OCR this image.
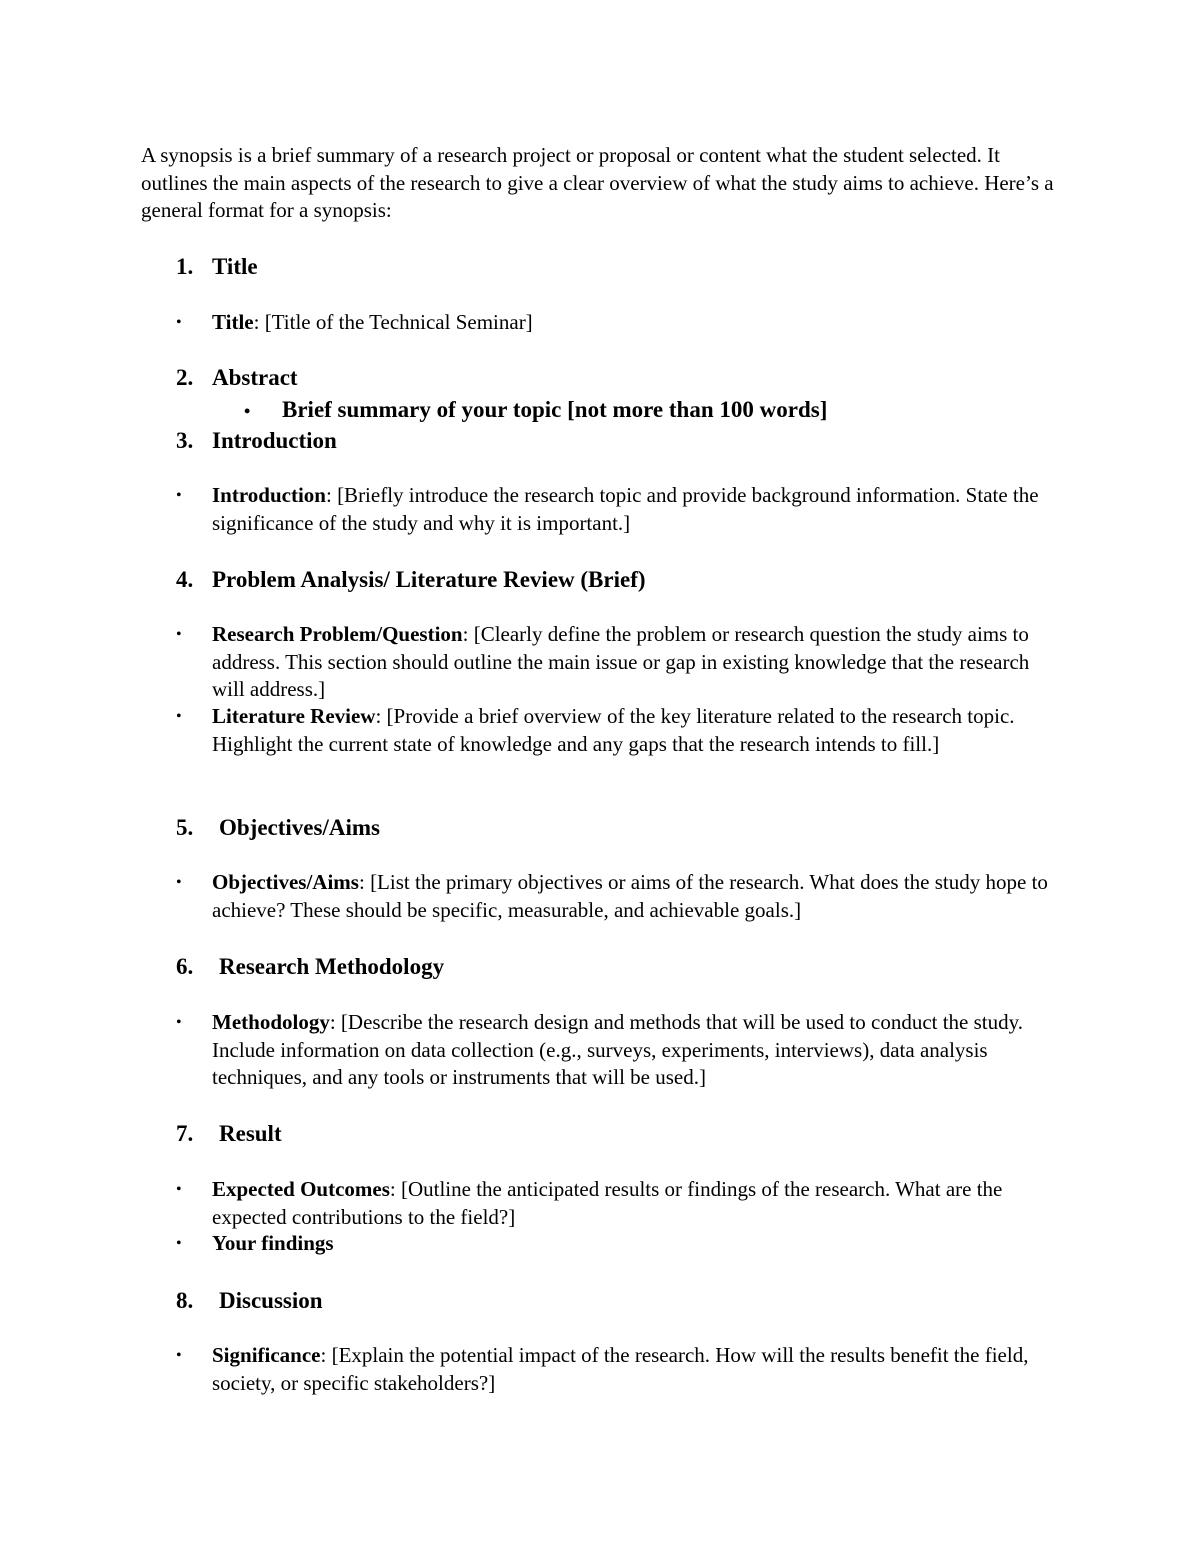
A synopsis is a brief summary of a research project or proposal or content what the student selected. It outlines the main aspects of the research to give a clear overview of what the study aims to achieve. Here’s a general format for a synopsis:

1. Title

• Title: [Title of the Technical Seminar]

2. Abstract

• Brief summary of your topic [not more than 100 words]

3. Introduction

• Introduction: [Briefly introduce the research topic and provide background information. State the significance of the study and why it is important.]

4. Problem Analysis/ Literature Review (Brief)

• Research Problem/Question: [Clearly define the problem or research question the study aims to address. This section should outline the main issue or gap in existing knowledge that the research will address.]

• Literature Review: [Provide a brief overview of the key literature related to the research topic. Highlight the current state of knowledge and any gaps that the research intends to fill.]

5. Objectives/Aims

• Objectives/Aims: [List the primary objectives or aims of the research. What does the study hope to achieve? These should be specific, measurable, and achievable goals.]

6. Research Methodology

• Methodology: [Describe the research design and methods that will be used to conduct the study. Include information on data collection (e.g., surveys, experiments, interviews), data analysis techniques, and any tools or instruments that will be used.]

7. Result

• Expected Outcomes: [Outline the anticipated results or findings of the research. What are the expected contributions to the field?]

• Your findings

8. Discussion

• Significance: [Explain the potential impact of the research. How will the results benefit the field, society, or specific stakeholders?]
